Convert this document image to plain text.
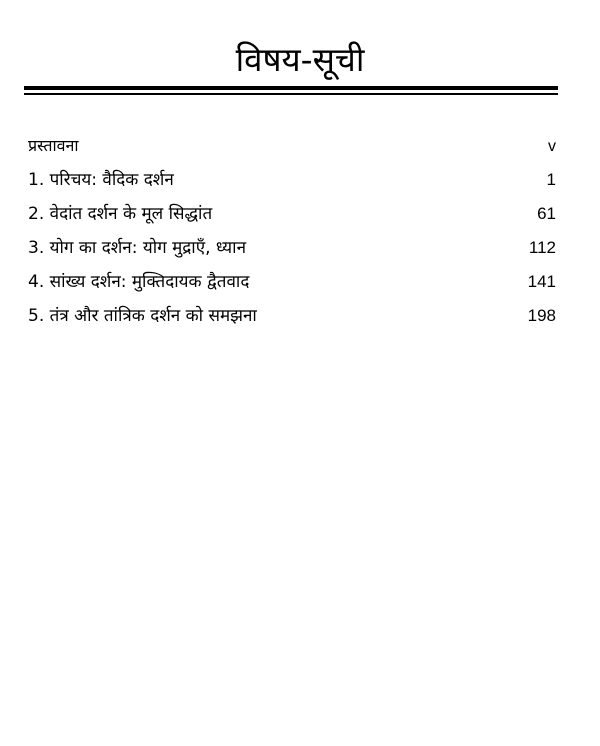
विषय-सूची
प्रस्तावना	v
1. परिचय: वैदिक दर्शन	1
2. वेदांत दर्शन के मूल सिद्धांत	61
3. योग का दर्शन: योग मुद्राएँ, ध्यान	112
4. सांख्य दर्शन: मुक्तिदायक द्वैतवाद	141
5. तंत्र और तांत्रिक दर्शन को समझना	198
